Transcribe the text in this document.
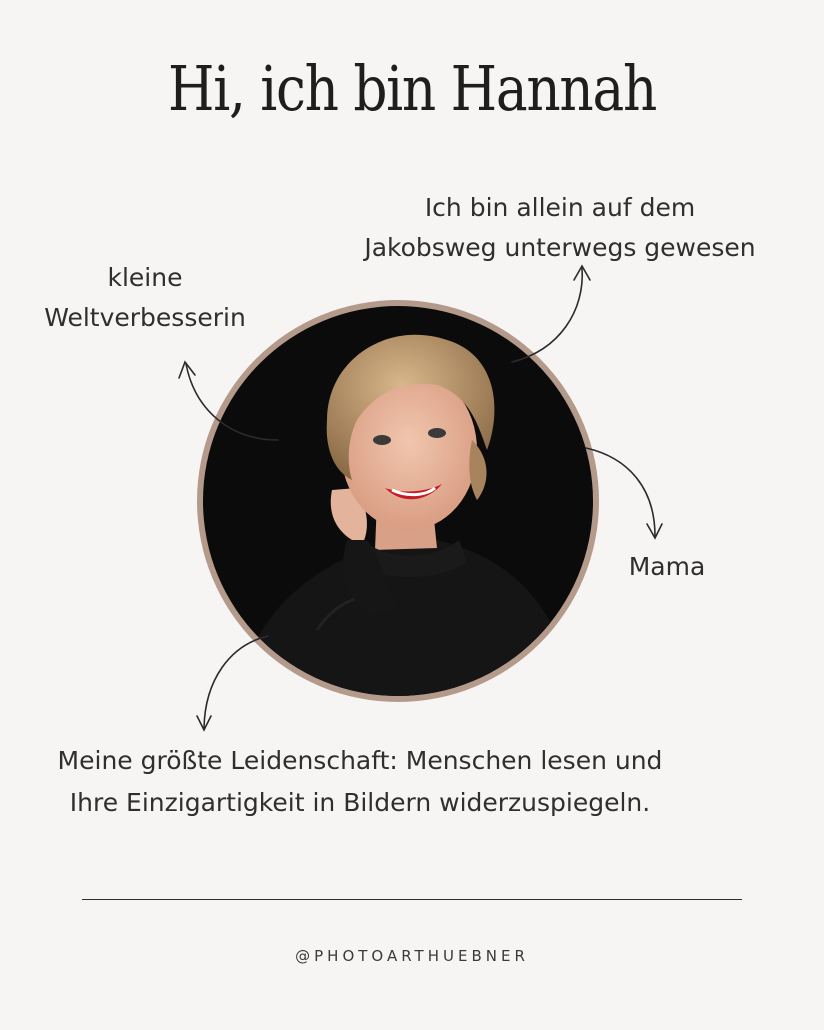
Hi, ich bin Hannah
Ich bin allein auf dem
Jakobsweg unterwegs gewesen
kleine
Weltverbesserin
Mama
Meine größte Leidenschaft: Menschen lesen und
Ihre Einzigartigkeit in Bildern widerzuspiegeln.
@PHOTOARTHUEBNER
